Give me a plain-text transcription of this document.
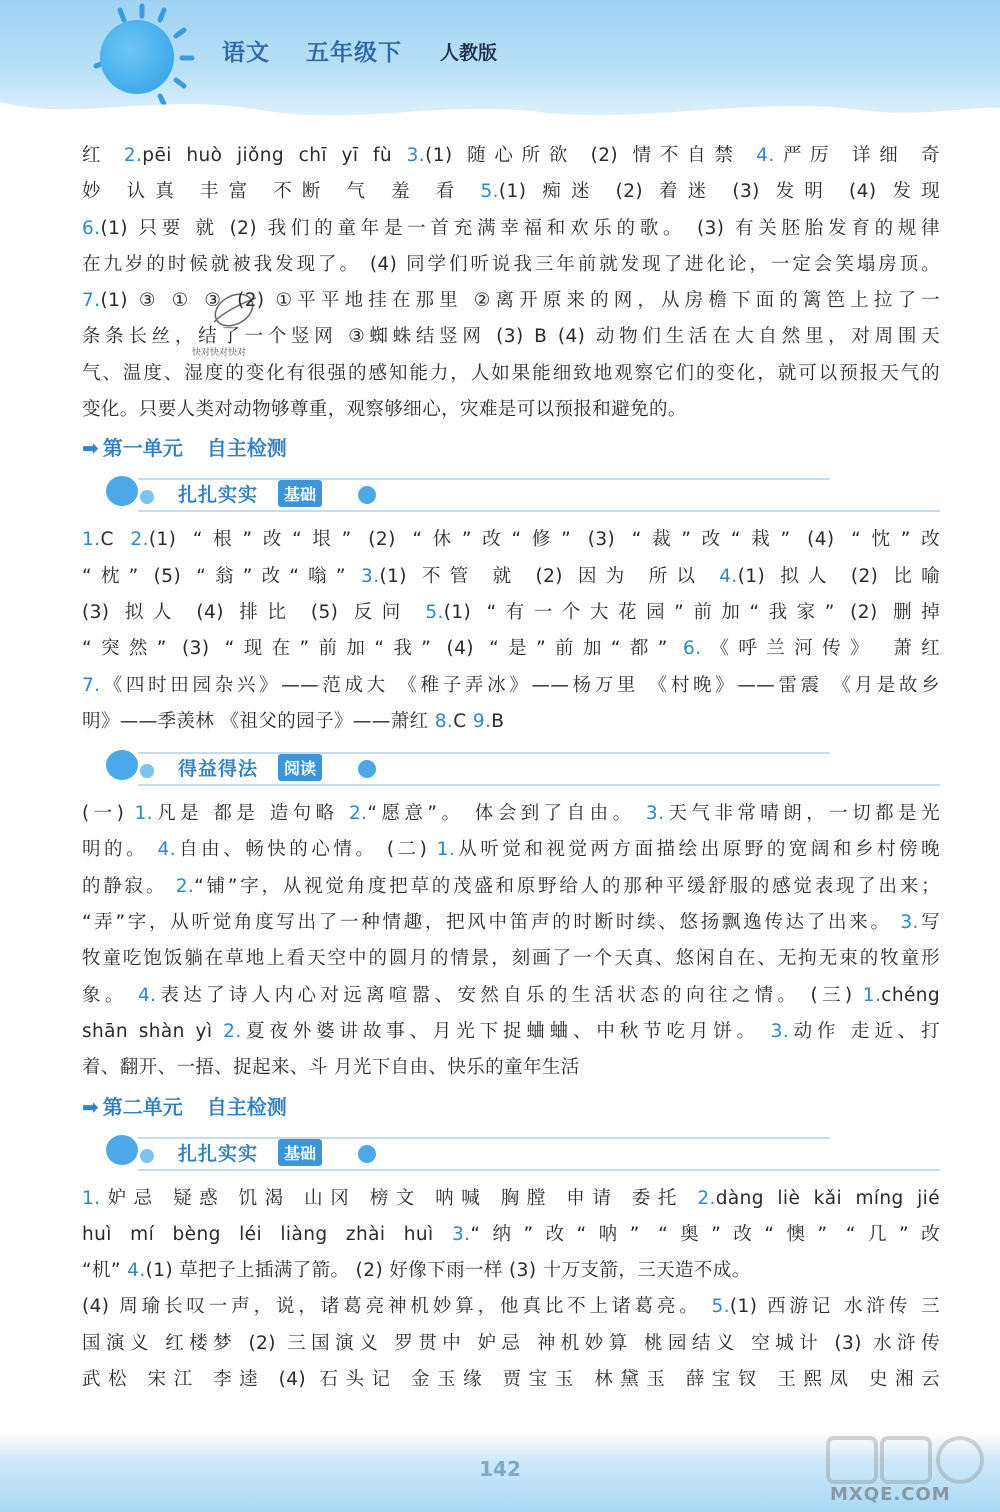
语文 五年级下 人教版
快对快对快对

红 2.pēi huò jiǒng chī yī fù 3.(1) 随心所欲 (2) 情不自禁 4.严厉 详细 奇

妙 认真 丰富 不断 气 羞 看 5.(1) 痴迷 (2) 着迷 (3) 发明 (4) 发现

6.(1) 只要 就 (2) 我们的童年是一首充满幸福和欢乐的歌。 (3) 有关胚胎发育的规律

在九岁的时候就被我发现了。 (4) 同学们听说我三年前就发现了进化论，一定会笑塌房顶。

7.(1) ③ ① ③ (2) ①平平地挂在那里 ②离开原来的网，从房檐下面的篱笆上拉了一

条条长丝，结了一个竖网 ③蜘蛛结竖网 (3) B (4) 动物们生活在大自然里，对周围天

气、温度、湿度的变化有很强的感知能力，人如果能细致地观察它们的变化，就可以预报天气的

变化。只要人类对动物够尊重，观察够细心，灾难是可以预报和避免的。

➡ 第一单元 自主检测
扎扎实实	基础

1.C 2.(1) “根”改“垠” (2) “休”改“修” (3) “裁”改“栽” (4) “忱”改

“枕” (5) “翁”改“嗡” 3.(1) 不管 就 (2) 因为 所以 4.(1) 拟人 (2) 比喻

(3) 拟人 (4) 排比 (5) 反问 5.(1) “有一个大花园”前加“我家” (2) 删掉

“突然” (3) “现在”前加“我” (4) “是”前加“都” 6.《呼兰河传》 萧红

7.《四时田园杂兴》——范成大 《稚子弄冰》——杨万里 《村晚》——雷震 《月是故乡

明》——季羡林 《祖父的园子》——萧红 8.C 9.B

得益得法	阅读

(一) 1.凡是 都是 造句略 2.“愿意”。 体会到了自由。 3.天气非常晴朗，一切都是光

明的。 4.自由、畅快的心情。 (二) 1.从听觉和视觉两方面描绘出原野的宽阔和乡村傍晚

的静寂。 2.“铺”字，从视觉角度把草的茂盛和原野给人的那种平缓舒服的感觉表现了出来；

“弄”字，从听觉角度写出了一种情趣，把风中笛声的时断时续、悠扬飘逸传达了出来。 3.写

牧童吃饱饭躺在草地上看天空中的圆月的情景，刻画了一个天真、悠闲自在、无拘无束的牧童形

象。 4.表达了诗人内心对远离喧嚣、安然自乐的生活状态的向往之情。 (三) 1.chéng

shān shàn yì 2.夏夜外婆讲故事、月光下捉蛐蛐、中秋节吃月饼。 3.动作 走近、打

着、翻开、一捂、捉起来、斗 月光下自由、快乐的童年生活

➡ 第二单元 自主检测
扎扎实实	基础

1.妒忌 疑惑 饥渴 山冈 榜文 呐喊 胸膛 申请 委托 2.dàng liè kǎi míng jié

huì mí bèng léi liàng zhài huì 3.“纳”改“呐” “奥”改“懊” “几”改

“机” 4.(1) 草把子上插满了箭。 (2) 好像下雨一样 (3) 十万支箭，三天造不成。

(4) 周瑜长叹一声，说，诸葛亮神机妙算，他真比不上诸葛亮。 5.(1) 西游记 水浒传 三

国演义 红楼梦 (2) 三国演义 罗贯中 妒忌 神机妙算 桃园结义 空城计 (3) 水浒传

武松 宋江 李逵 (4) 石头记 金玉缘 贾宝玉 林黛玉 薛宝钗 王熙凤 史湘云

142
MXQE.COM
